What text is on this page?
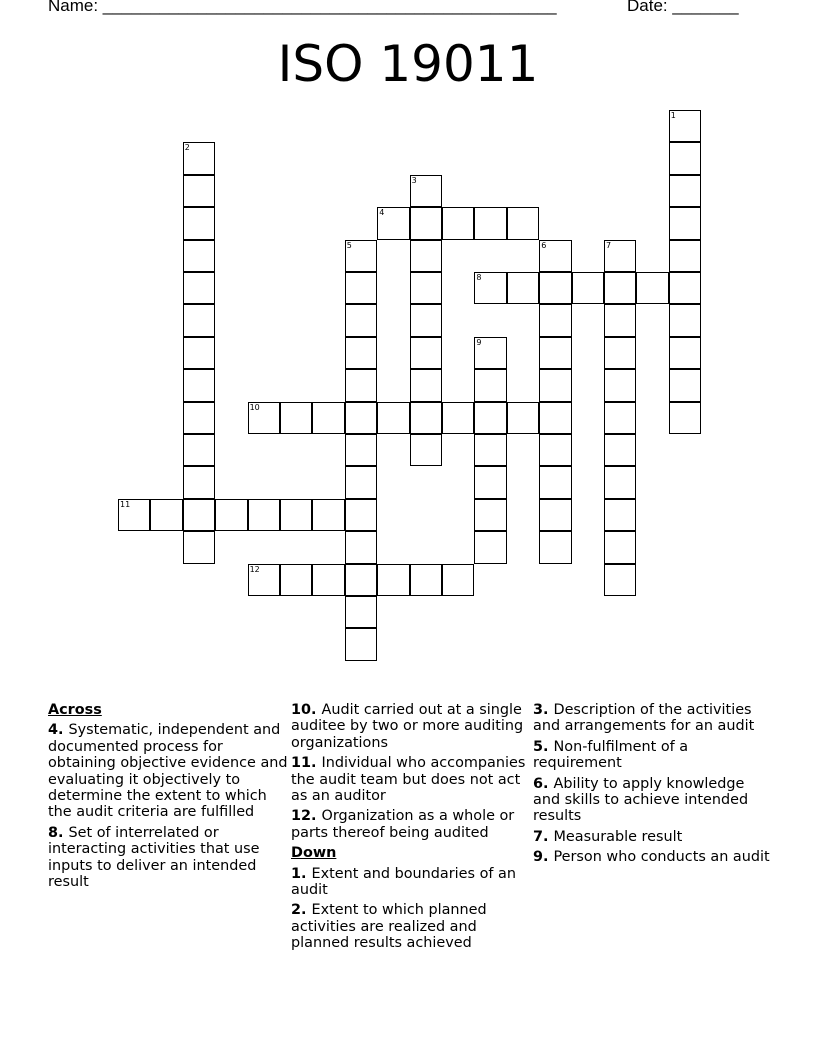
Name: ________________________________________________	Date: _______
ISO 19011
4
8
10
11
12
1
2
3
5	6	7
9
Across
4. Systematic, independent and documented process for obtaining objective evidence and evaluating it objectively to determine the extent to which the audit criteria are fulfilled
8. Set of interrelated or interacting activities that use inputs to deliver an intended result
10. Audit carried out at a single auditee by two or more auditing organizations
11. Individual who accompanies the audit team but does not act as an auditor
12. Organization as a whole or parts thereof being audited
Down
1. Extent and boundaries of an audit
2. Extent to which planned activities are realized and planned results achieved
3. Description of the activities and arrangements for an audit
5. Non-fulfilment of a requirement
6. Ability to apply knowledge and skills to achieve intended results
7. Measurable result
9. Person who conducts an audit
